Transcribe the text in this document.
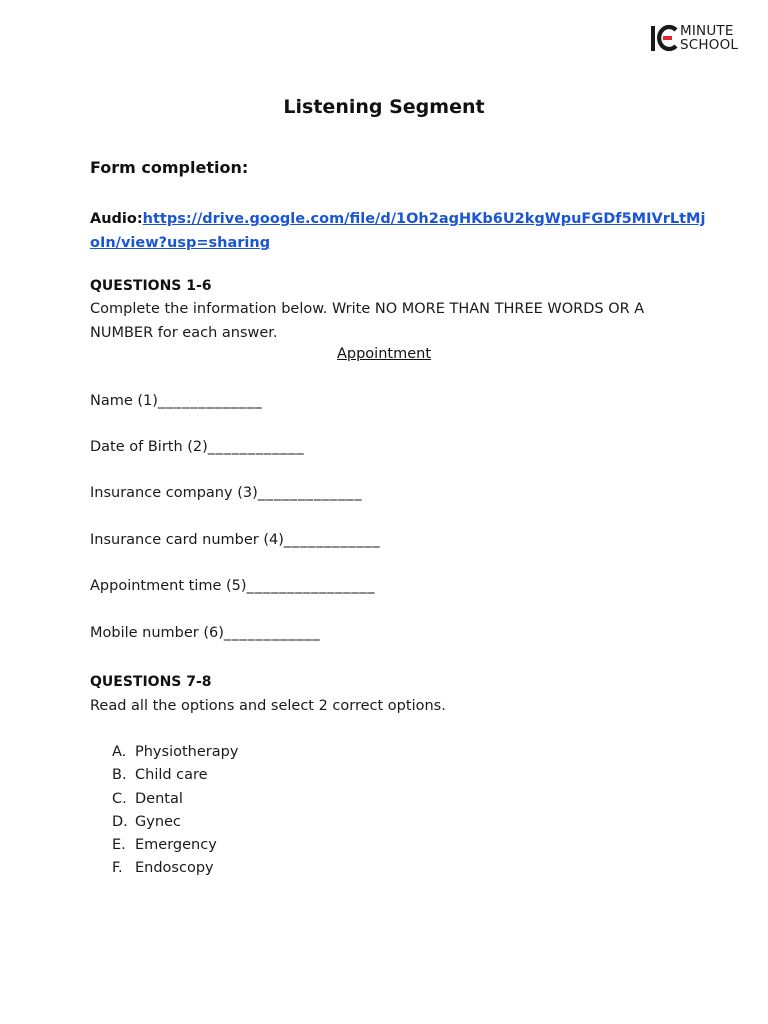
MINUTE
SCHOOL
Listening Segment
Form completion:
Audio:https://drive.google.com/file/d/1Oh2agHKb6U2kgWpuFGDf5MIVrLtMj
oIn/view?usp=sharing
QUESTIONS 1-6
Complete the information below. Write NO MORE THAN THREE WORDS OR A
NUMBER for each answer.
Appointment
Name (1)_____________
Date of Birth (2)____________
Insurance company (3)_____________
Insurance card number (4)____________
Appointment time (5)________________
Mobile number (6)____________
QUESTIONS 7-8
Read all the options and select 2 correct options.
A. Physiotherapy
B. Child care
C. Dental
D. Gynec
E. Emergency
F. Endoscopy
